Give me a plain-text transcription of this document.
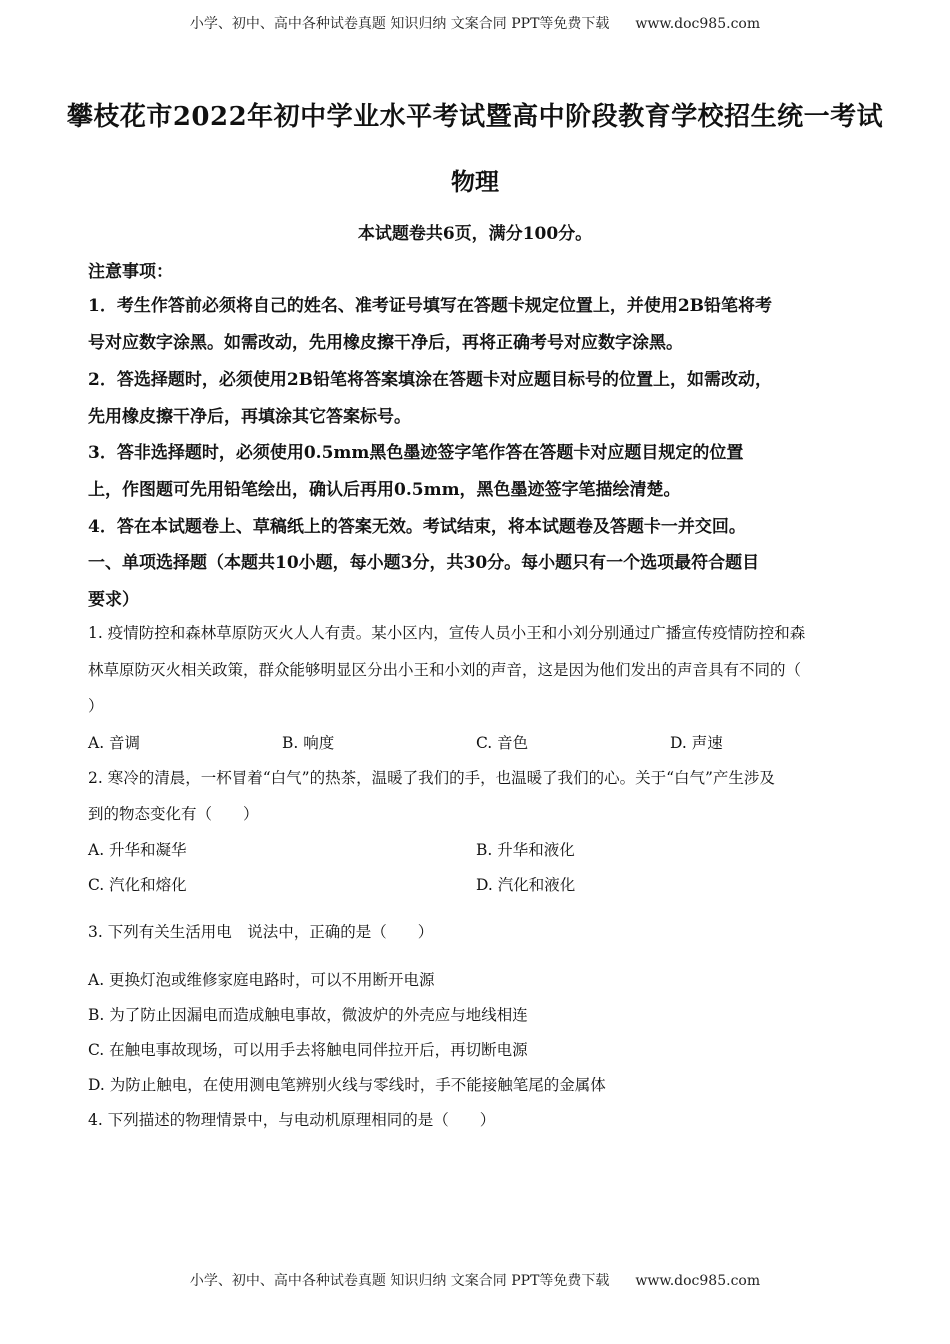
小学、初中、高中各种试卷真题 知识归纳 文案合同 PPT等免费下载 www.doc985.com
攀枝花市2022年初中学业水平考试暨高中阶段教育学校招生统一考试
物理
本试题卷共6页，满分100分。
注意事项：
1．考生作答前必须将自己的姓名、准考证号填写在答题卡规定位置上，并使用2B铅笔将考
号对应数字涂黑。如需改动，先用橡皮擦干净后，再将正确考号对应数字涂黑。
2．答选择题时，必须使用2B铅笔将答案填涂在答题卡对应题目标号的位置上，如需改动，
先用橡皮擦干净后，再填涂其它答案标号。
3．答非选择题时，必须使用0.5mm黑色墨迹签字笔作答在答题卡对应题目规定的位置
上，作图题可先用铅笔绘出，确认后再用0.5mm，黑色墨迹签字笔描绘清楚。
4．答在本试题卷上、草稿纸上的答案无效。考试结束，将本试题卷及答题卡一并交回。
一、单项选择题（本题共10小题，每小题3分，共30分。每小题只有一个选项最符合题目
要求）
1. 疫情防控和森林草原防灭火人人有责。某小区内，宣传人员小王和小刘分别通过广播宣传疫情防控和森
林草原防灭火相关政策，群众能够明显区分出小王和小刘的声音，这是因为他们发出的声音具有不同的（
）
A. 音调	B. 响度	C. 音色	D. 声速
2. 寒冷的清晨，一杯冒着“白气”的热茶，温暖了我们的手，也温暖了我们的心。关于“白气”产生涉及
到的物态变化有（　　）
A. 升华和凝华	B. 升华和液化
C. 汽化和熔化	D. 汽化和液化
3. 下列有关生活用电　说法中，正确的是（　　）
A. 更换灯泡或维修家庭电路时，可以不用断开电源
B. 为了防止因漏电而造成触电事故，微波炉的外壳应与地线相连
C. 在触电事故现场，可以用手去将触电同伴拉开后，再切断电源
D. 为防止触电，在使用测电笔辨别火线与零线时，手不能接触笔尾的金属体
4. 下列描述的物理情景中，与电动机原理相同的是（　　）
小学、初中、高中各种试卷真题 知识归纳 文案合同 PPT等免费下载 www.doc985.com
